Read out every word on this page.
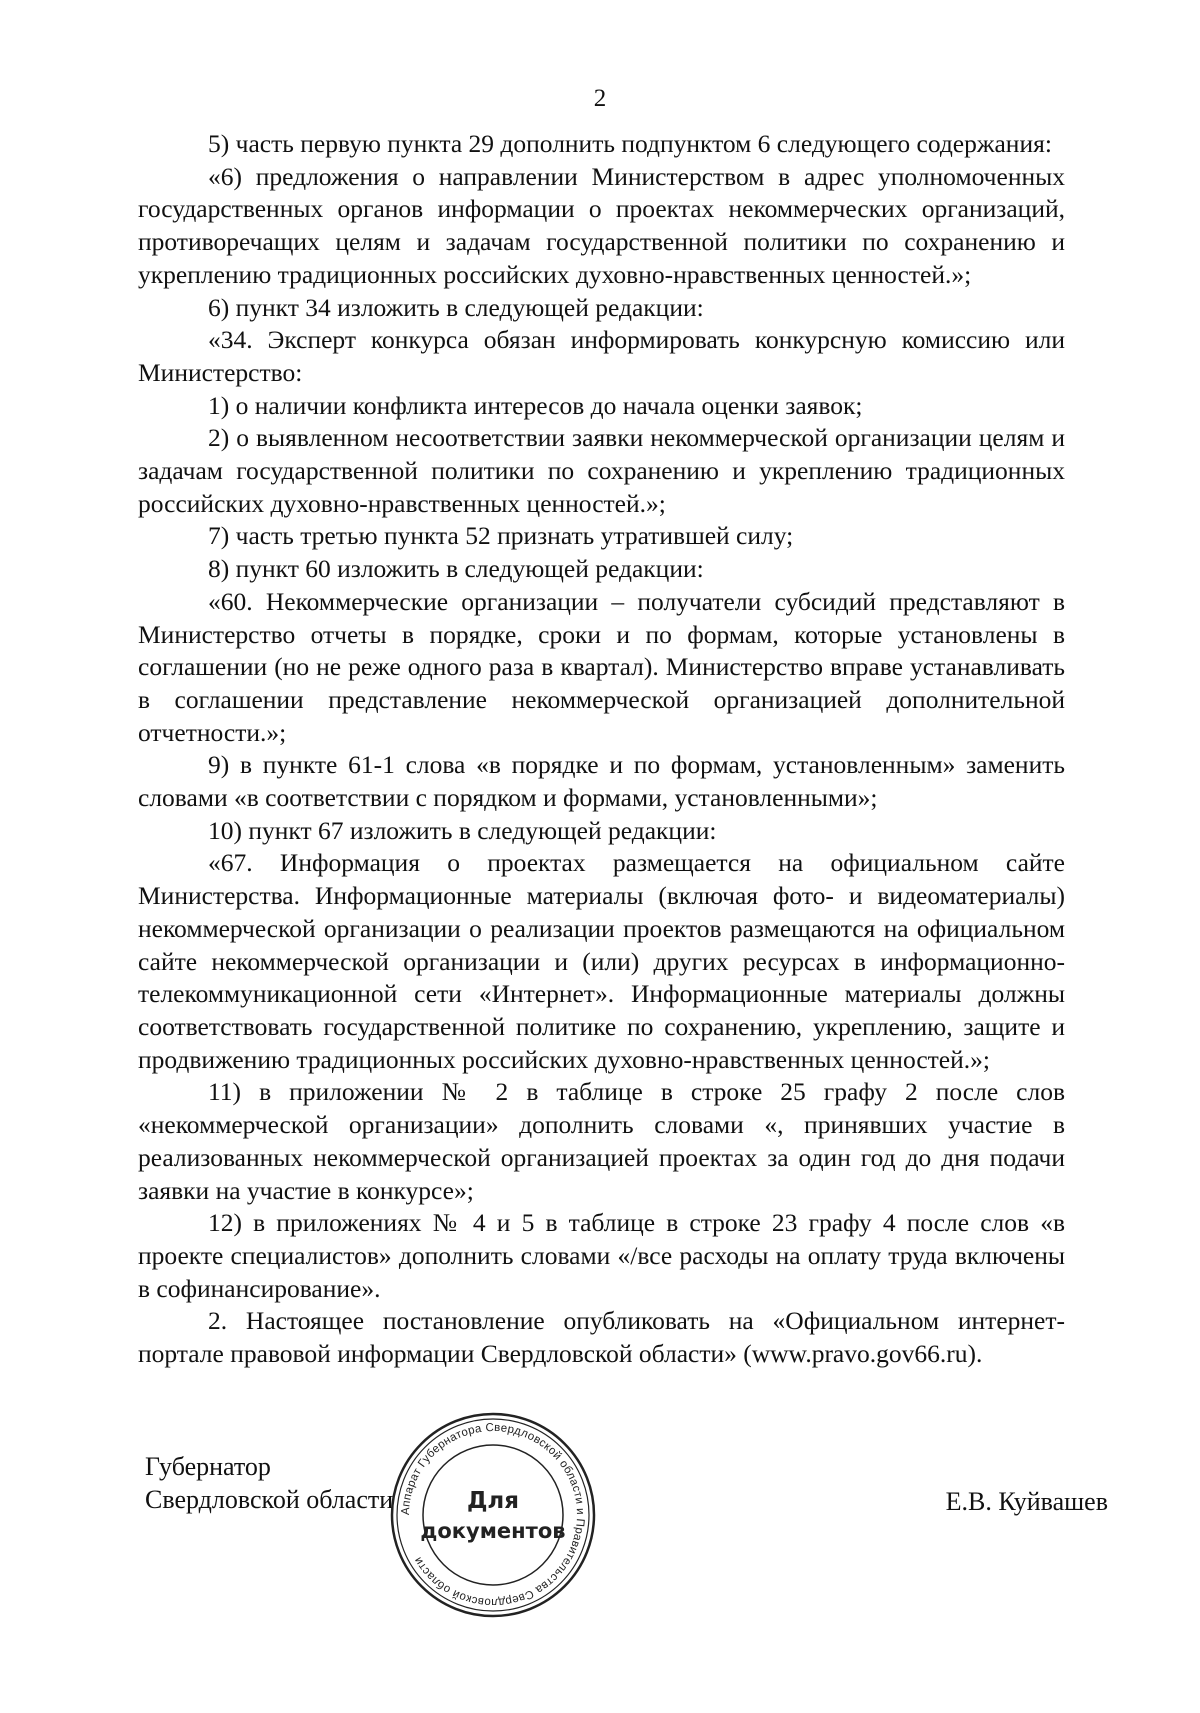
2

5) часть первую пункта 29 дополнить подпунктом 6 следующего содержания:

«6) предложения о направлении Министерством в адрес уполномоченных государственных органов информации о проектах некоммерческих организаций, противоречащих целям и задачам государственной политики по сохранению и укреплению традиционных российских духовно-нравственных ценностей.»;

6) пункт 34 изложить в следующей редакции:

«34. Эксперт конкурса обязан информировать конкурсную комиссию или Министерство:

1) о наличии конфликта интересов до начала оценки заявок;

2) о выявленном несоответствии заявки некоммерческой организации целям и задачам государственной политики по сохранению и укреплению традиционных российских духовно-нравственных ценностей.»;

7) часть третью пункта 52 признать утратившей силу;

8) пункт 60 изложить в следующей редакции:

«60. Некоммерческие организации – получатели субсидий представляют в Министерство отчеты в порядке, сроки и по формам, которые установлены в соглашении (но не реже одного раза в квартал). Министерство вправе устанавливать в соглашении представление некоммерческой организацией дополнительной отчетности.»;

9) в пункте 61-1 слова «в порядке и по формам, установленным» заменить словами «в соответствии с порядком и формами, установленными»;

10) пункт 67 изложить в следующей редакции:

«67. Информация о проектах размещается на официальном сайте Министерства. Информационные материалы (включая фото- и видеоматериалы) некоммерческой организации о реализации проектов размещаются на официальном сайте некоммерческой организации и (или) других ресурсах в информационно-телекоммуникационной сети «Интернет». Информационные материалы должны соответствовать государственной политике по сохранению, укреплению, защите и продвижению традиционных российских духовно-нравственных ценностей.»;

11) в приложении № 2 в таблице в строке 25 графу 2 после слов «некоммерческой организации» дополнить словами «, принявших участие в реализованных некоммерческой организацией проектах за один год до дня подачи заявки на участие в конкурсе»;

12) в приложениях № 4 и 5 в таблице в строке 23 графу 4 после слов «в проекте специалистов» дополнить словами «/все расходы на оплату труда включены в софинансирование».

2. Настоящее постановление опубликовать на «Официальном интернет-портале правовой информации Свердловской области» (www.pravo.gov66.ru).

Губернатор
Свердловской области	Е.В. Куйвашев
Аппарат Губернатора Свердловской области и Правительства Свердловской области
Для
документов
